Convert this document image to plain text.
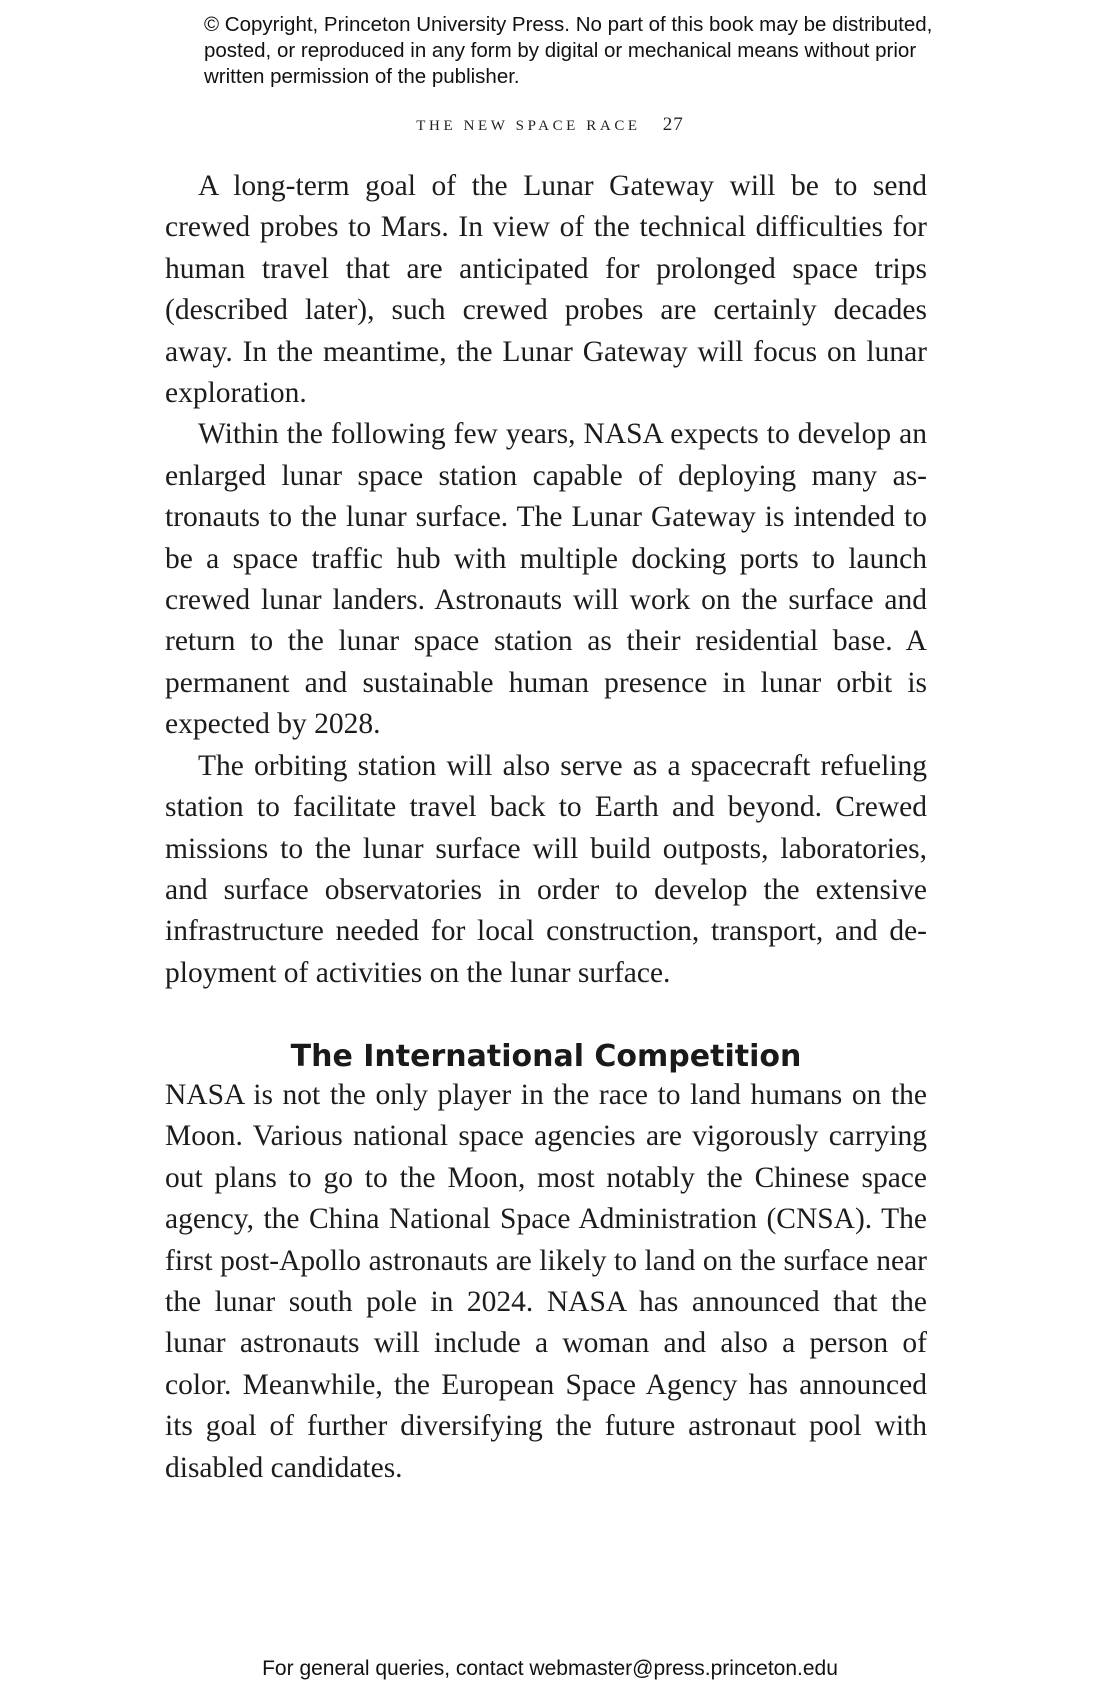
© Copyright, Princeton University Press. No part of this book may be distributed, posted, or reproduced in any form by digital or mechanical means without prior written permission of the publisher.
THE NEW SPACE RACE 27

A long-term goal of the Lunar Gateway will be to send crewed probes to Mars. In view of the technical difficulties for human travel that are anticipated for prolonged space trips (described later), such crewed probes are certainly decades away. In the meantime, the Lunar Gateway will focus on lunar exploration.

Within the following few years, NASA expects to develop an enlarged lunar space station capable of deploying many astronauts to the lunar surface. The Lunar Gateway is intended to be a space traffic hub with multiple docking ports to launch crewed lunar landers. Astronauts will work on the surface and return to the lunar space station as their residential base. A permanent and sustainable human presence in lunar orbit is expected by 2028.

The orbiting station will also serve as a spacecraft refueling station to facilitate travel back to Earth and beyond. Crewed missions to the lunar surface will build outposts, laboratories, and surface observatories in order to develop the extensive infrastructure needed for local construction, transport, and deployment of activities on the lunar surface.

The International Competition

NASA is not the only player in the race to land humans on the Moon. Various national space agencies are vigorously carrying out plans to go to the Moon, most notably the Chinese space agency, the China National Space Administration (CNSA). The first post-Apollo astronauts are likely to land on the surface near the lunar south pole in 2024. NASA has announced that the lunar astronauts will include a woman and also a person of color. Meanwhile, the European Space Agency has announced its goal of further diversifying the future astronaut pool with disabled candidates.

For general queries, contact webmaster@press.princeton.edu
